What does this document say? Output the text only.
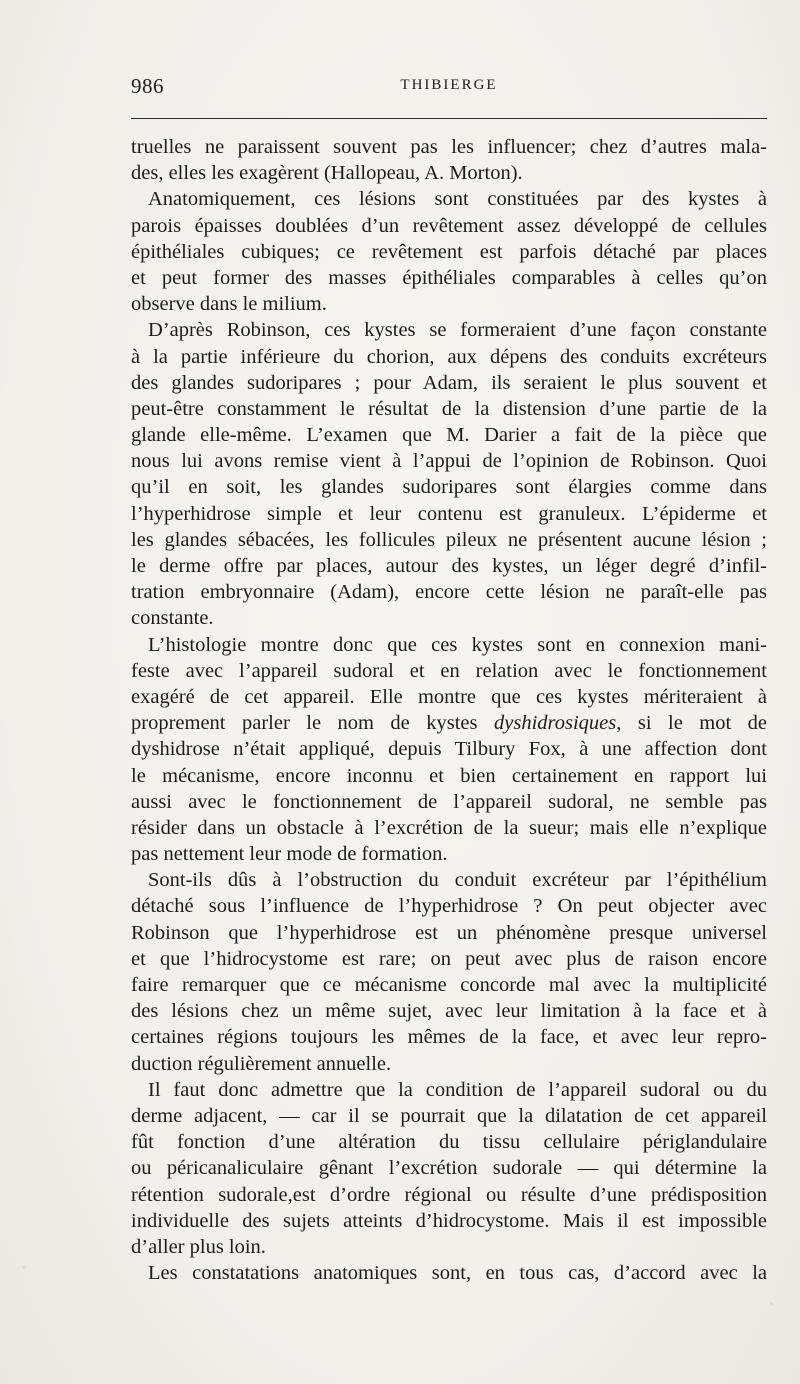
986	THIBIERGE
truelles ne paraissent souvent pas les influencer; chez d’autres mala-
des, elles les exagèrent (Hallopeau, A. Morton).
Anatomiquement, ces lésions sont constituées par des kystes à
parois épaisses doublées d’un revêtement assez développé de cellules
épithéliales cubiques; ce revêtement est parfois détaché par places
et peut former des masses épithéliales comparables à celles qu’on
observe dans le milium.
D’après Robinson, ces kystes se formeraient d’une façon constante
à la partie inférieure du chorion, aux dépens des conduits excréteurs
des glandes sudoripares ; pour Adam, ils seraient le plus souvent et
peut-être constamment le résultat de la distension d’une partie de la
glande elle-même. L’examen que M. Darier a fait de la pièce que
nous lui avons remise vient à l’appui de l’opinion de Robinson. Quoi
qu’il en soit, les glandes sudoripares sont élargies comme dans
l’hyperhidrose simple et leur contenu est granuleux. L’épiderme et
les glandes sébacées, les follicules pileux ne présentent aucune lésion ;
le derme offre par places, autour des kystes, un léger degré d’infil-
tration embryonnaire (Adam), encore cette lésion ne paraît-elle pas
constante.
L’histologie montre donc que ces kystes sont en connexion mani-
feste avec l’appareil sudoral et en relation avec le fonctionnement
exagéré de cet appareil. Elle montre que ces kystes mériteraient à
proprement parler le nom de kystes dyshidrosiques, si le mot de
dyshidrose n’était appliqué, depuis Tilbury Fox, à une affection dont
le mécanisme, encore inconnu et bien certainement en rapport lui
aussi avec le fonctionnement de l’appareil sudoral, ne semble pas
résider dans un obstacle à l’excrétion de la sueur; mais elle n’explique
pas nettement leur mode de formation.
Sont-ils dûs à l’obstruction du conduit excréteur par l’épithélium
détaché sous l’influence de l’hyperhidrose ? On peut objecter avec
Robinson que l’hyperhidrose est un phénomène presque universel
et que l’hidrocystome est rare; on peut avec plus de raison encore
faire remarquer que ce mécanisme concorde mal avec la multiplicité
des lésions chez un même sujet, avec leur limitation à la face et à
certaines régions toujours les mêmes de la face, et avec leur repro-
duction régulièrement annuelle.
Il faut donc admettre que la condition de l’appareil sudoral ou du
derme adjacent, — car il se pourrait que la dilatation de cet appareil
fût fonction d’une altération du tissu cellulaire périglandulaire
ou péricanaliculaire gênant l’excrétion sudorale — qui détermine la
rétention sudorale,est d’ordre régional ou résulte d’une prédisposition
individuelle des sujets atteints d’hidrocystome. Mais il est impossible
d’aller plus loin.
Les constatations anatomiques sont, en tous cas, d’accord avec la
